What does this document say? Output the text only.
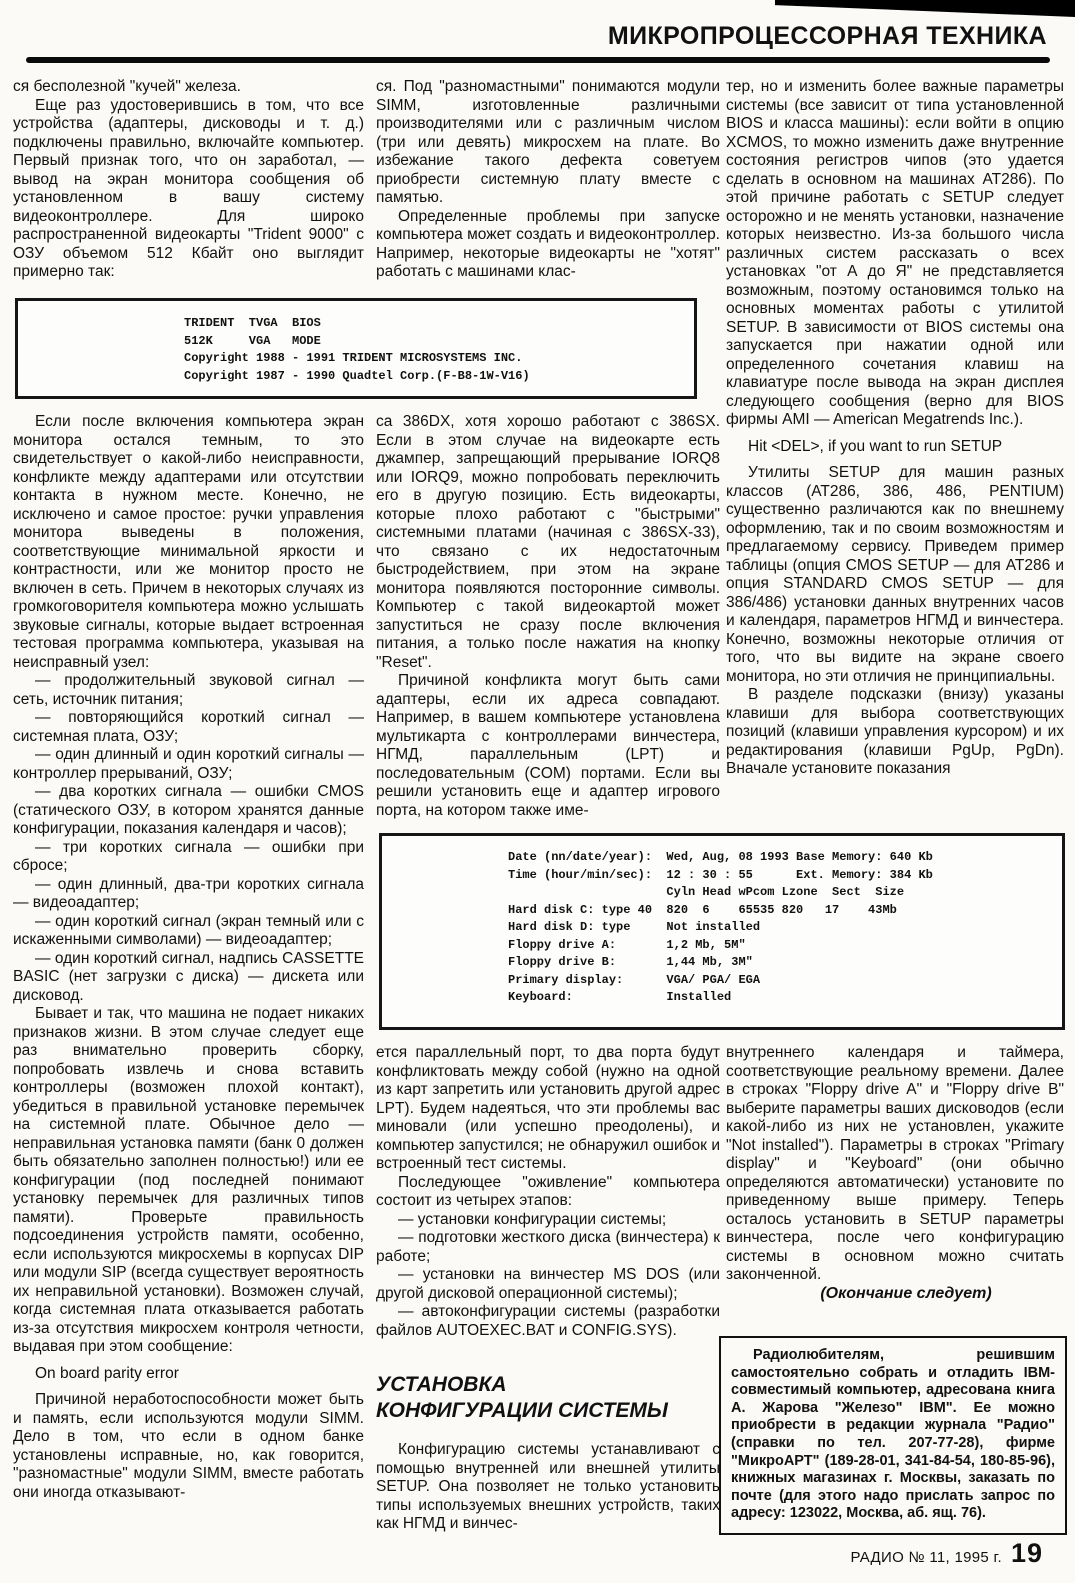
МИКРОПРОЦЕССОРНАЯ ТЕХНИКА

ся бесполезной "кучей" железа.

Еще раз удостоверившись в том, что все устройства (адаптеры, дисководы и т. д.) подключены правильно, включайте компьютер. Первый признак того, что он заработал, — вывод на экран монитора сообщения об установленном в вашу систему видеоконтроллере. Для широко распространенной видеокарты "Trident 9000" с ОЗУ объемом 512 Кбайт оно выглядит примерно так:

TRIDENT  TVGA  BIOS
512K     VGA   MODE
Copyright 1988 - 1991 TRIDENT MICROSYSTEMS INC.
Copyright 1987 - 1990 Quadtel Corp.(F-B8-1W-V16)

Если после включения компьютера экран монитора остался темным, то это свидетельствует о какой-либо неисправности, конфликте между адаптерами или отсутствии контакта в нужном месте. Конечно, не исключено и самое простое: ручки управления монитора выведены в положения, соответствующие минимальной яркости и контрастности, или же монитор просто не включен в сеть. Причем в некоторых случаях из громкоговорителя компьютера можно услышать звуковые сигналы, которые выдает встроенная тестовая программа компьютера, указывая на неисправный узел:

— продолжительный звуковой сигнал — сеть, источник питания;

— повторяющийся короткий сигнал — системная плата, ОЗУ;

— один длинный и один короткий сигналы — контроллер прерываний, ОЗУ;

— два коротких сигнала — ошибки CMOS (статического ОЗУ, в котором хранятся данные конфигурации, показания календаря и часов);

— три коротких сигнала — ошибки при сбросе;

— один длинный, два-три коротких сигнала — видеоадаптер;

— один короткий сигнал (экран темный или с искаженными символами) — видеоадаптер;

— один короткий сигнал, надпись CASSETTE BASIC (нет загрузки с диска) — дискета или дисковод.

Бывает и так, что машина не подает никаких признаков жизни. В этом случае следует еще раз внимательно проверить сборку, попробовать извлечь и снова вставить контроллеры (возможен плохой контакт), убедиться в правильной установке перемычек на системной плате. Обычное дело — неправильная установка памяти (банк 0 должен быть обязательно заполнен полностью!) или ее конфигурации (под последней понимают установку перемычек для различных типов памяти). Проверьте правильность подсоединения устройств памяти, особенно, если используются микросхемы в корпусах DIP или модули SIP (всегда существует вероятность их неправильной установки). Возможен случай, когда системная плата отказывается работать из-за отсутствия микросхем контроля четности, выдавая при этом сообщение:

On board parity error

Причиной неработоспособности может быть и память, если используются модули SIMM. Дело в том, что если в одном банке установлены исправные, но, как говорится, "разномастные" модули SIMM, вместе работать они иногда отказывают-

ся. Под "разномастными" понимаются модули SIMM, изготовленные различными производителями или с различным числом (три или девять) микросхем на плате. Во избежание такого дефекта советуем приобрести системную плату вместе с памятью.

Определенные проблемы при запуске компьютера может создать и видеоконтроллер. Например, некоторые видеокарты не "хотят" работать с машинами клас-

са 386DX, хотя хорошо работают с 386SX. Если в этом случае на видеокарте есть джампер, запрещающий прерывание IORQ8 или IORQ9, можно попробовать переключить его в другую позицию. Есть видеокарты, которые плохо работают с "быстрыми" системными платами (начиная с 386SX-33), что связано с их недостаточным быстродействием, при этом на экране монитора появляются посторонние символы. Компьютер с такой видеокартой может запуститься не сразу после включения питания, а только после нажатия на кнопку "Reset".

Причиной конфликта могут быть сами адаптеры, если их адреса совпадают. Например, в вашем компьютере установлена мультикарта с контроллерами винчестера, НГМД, параллельным (LPT) и последовательным (COM) портами. Если вы решили установить еще и адаптер игрового порта, на котором также име-

Date (nn/date/year):  Wed, Aug, 08 1993 Base Memory: 640 Kb
Time (hour/min/sec):  12 : 30 : 55      Ext. Memory: 384 Kb
Cyln Head wPcom Lzone  Sect  Size
Hard disk C: type 40  820  6    65535 820   17    43Mb
Hard disk D: type     Not installed
Floppy drive A:       1,2 Mb, 5M"
Floppy drive B:       1,44 Mb, 3M"
Primary display:      VGA/ PGA/ EGA
Keyboard:             Installed

ется параллельный порт, то два порта будут конфликтовать между собой (нужно на одной из карт запретить или установить другой адрес LPT). Будем надеяться, что эти проблемы вас миновали (или успешно преодолены), и компьютер запустился; не обнаружил ошибок и встроенный тест системы.

Последующее "оживление" компьютера состоит из четырех этапов:

— установки конфигурации системы;

— подготовки жесткого диска (винчестера) к работе;

— установки на винчестер MS DOS (или другой дисковой операционной системы);

— автоконфигурации системы (разработки файлов AUTOEXEC.BAT и CONFIG.SYS).

УСТАНОВКА
КОНФИГУРАЦИИ СИСТЕМЫ

Конфигурацию системы устанавливают с помощью внутренней или внешней утилиты SETUP. Она позволяет не только установить типы используемых внешних устройств, таких как НГМД и винчес-

тер, но и изменить более важные параметры системы (все зависит от типа установленной BIOS и класса машины): если войти в опцию XCMOS, то можно изменить даже внутренние состояния регистров чипов (это удается сделать в основном на машинах АТ286). По этой причине работать с SETUP следует осторожно и не менять установки, назначение которых неизвестно. Из-за большого числа различных систем рассказать о всех установках "от А до Я" не представляется возможным, поэтому остановимся только на основных моментах работы с утилитой SETUP. В зависимости от BIOS системы она запускается при нажатии одной или определенного сочетания клавиш на клавиатуре после вывода на экран дисплея следующего сообщения (верно для BIOS фирмы AMI — American Megatrends Inc.).

Hit <DEL>, if you want to run SETUP

Утилиты SETUP для машин разных классов (АТ286, 386, 486, PENTIUM) существенно различаются как по внешнему оформлению, так и по своим возможностям и предлагаемому сервису. Приведем пример таблицы (опция CMOS SETUP — для АТ286 и опция STANDARD CMOS SETUP — для 386/486) установки данных внутренних часов и календаря, параметров НГМД и винчестера. Конечно, возможны некоторые отличия от того, что вы видите на экране своего монитора, но эти отличия не принципиальны.

В разделе подсказки (внизу) указаны клавиши для выбора соответствующих позиций (клавиши управления курсором) и их редактирования (клавиши PgUp, PgDn). Вначале установите показания

внутреннего календаря и таймера, соответствующие реальному времени. Далее в строках "Floppy drive A" и "Floppy drive B" выберите параметры ваших дисководов (если какой-либо из них не установлен, укажите "Not installed"). Параметры в строках "Primary display" и "Keyboard" (они обычно определяются автоматически) установите по приведенному выше примеру. Теперь осталось установить в SETUP параметры винчестера, после чего конфигурацию системы в основном можно считать законченной.

(Окончание следует)

Радиолюбителям, решившим самостоятельно собрать и отладить IBM-совместимый компьютер, адресована книга А. Жарова "Железо" IBM". Ее можно приобрести в редакции журнала "Радио" (справки по тел. 207-77-28), фирме "МикроАРТ" (189-28-01, 341-84-54, 180-85-96), книжных магазинах г. Москвы, заказать по почте (для этого надо прислать запрос по адресу: 123022, Москва, аб. ящ. 76).

РАДИО № 11, 1995 г. 19
